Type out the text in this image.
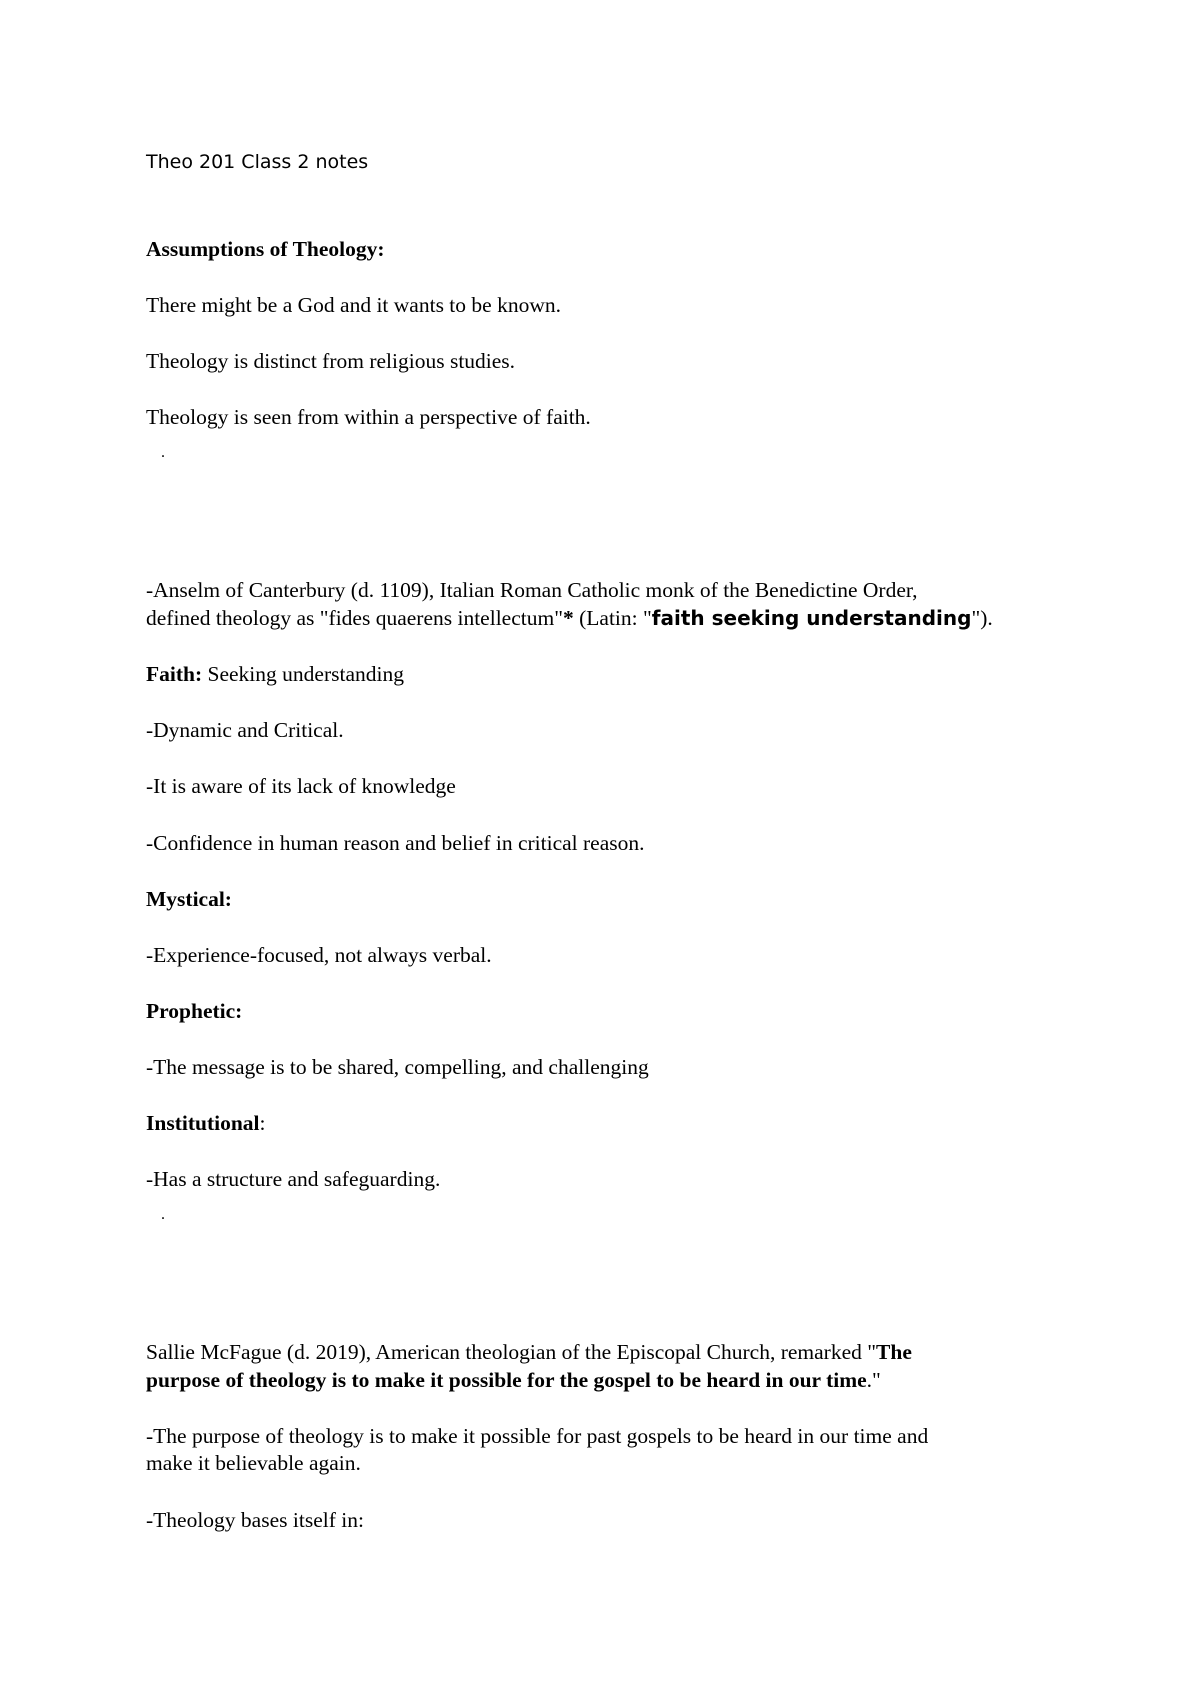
Theo 201 Class 2 notes
Assumptions of Theology:
There might be a God and it wants to be known.
Theology is distinct from religious studies.
Theology is seen from within a perspective of faith.
.
-Anselm of Canterbury (d. 1109), Italian Roman Catholic monk of the Benedictine Order,
defined theology as "fides quaerens intellectum"* (Latin: "faith seeking understanding").
Faith: Seeking understanding
-Dynamic and Critical.
-It is aware of its lack of knowledge
-Confidence in human reason and belief in critical reason.
Mystical:
-Experience-focused, not always verbal.
Prophetic:
-The message is to be shared, compelling, and challenging
Institutional:
-Has a structure and safeguarding.
.
Sallie McFague (d. 2019), American theologian of the Episcopal Church, remarked "The
purpose of theology is to make it possible for the gospel to be heard in our time."
-The purpose of theology is to make it possible for past gospels to be heard in our time and
make it believable again.
-Theology bases itself in:
